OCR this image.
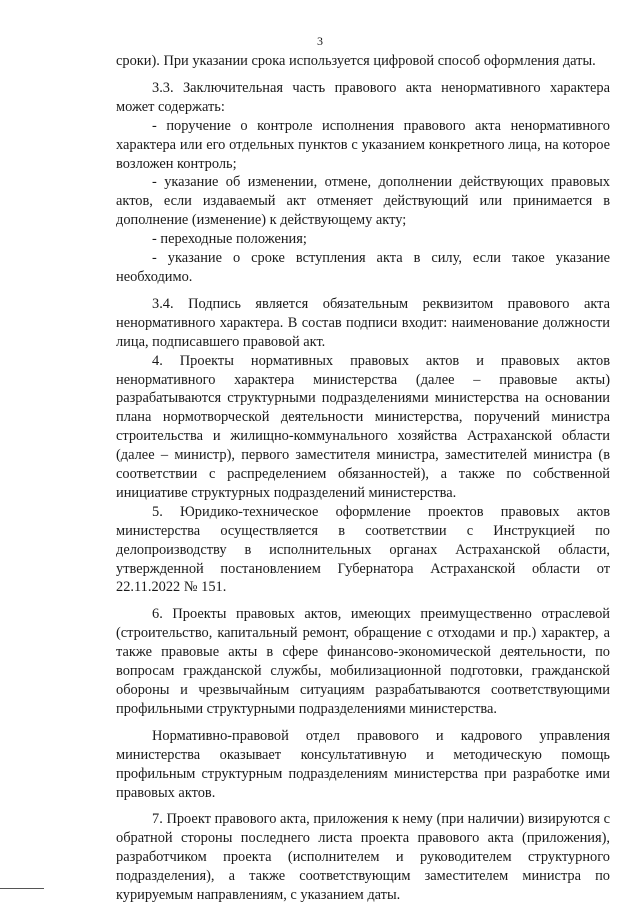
3

сроки). При указании срока используется цифровой способ оформления даты.

3.3. Заключительная часть правового акта ненормативного характера может содержать:

- поручение о контроле исполнения правового акта ненормативного характера или его отдельных пунктов с указанием конкретного лица, на которое возложен контроль;

- указание об изменении, отмене, дополнении действующих правовых актов, если издаваемый акт отменяет действующий или принимается в дополнение (изменение) к действующему акту;

- переходные положения;

- указание о сроке вступления акта в силу, если такое указание необходимо.

3.4. Подпись является обязательным реквизитом правового акта ненормативного характера. В состав подписи входит: наименование должности лица, подписавшего правовой акт.

4. Проекты нормативных правовых актов и правовых актов ненормативного характера министерства (далее – правовые акты) разрабатываются структурными подразделениями министерства на основании плана нормотворческой деятельности министерства, поручений министра строительства и жилищно-коммунального хозяйства Астраханской области (далее – министр), первого заместителя министра, заместителей министра (в соответствии с распределением обязанностей), а также по собственной инициативе структурных подразделений министерства.

5. Юридико-техническое оформление проектов правовых актов министерства осуществляется в соответствии с Инструкцией по делопроизводству в исполнительных органах Астраханской области, утвержденной постановлением Губернатора Астраханской области от 22.11.2022 № 151.

6. Проекты правовых актов, имеющих преимущественно отраслевой (строительство, капитальный ремонт, обращение с отходами и пр.) характер, а также правовые акты в сфере финансово-экономической деятельности, по вопросам гражданской службы, мобилизационной подготовки, гражданской обороны и чрезвычайным ситуациям разрабатываются соответствующими профильными структурными подразделениями министерства.

Нормативно-правовой отдел правового и кадрового управления министерства оказывает консультативную и методическую помощь профильным структурным подразделениям министерства при разработке ими правовых актов.

7. Проект правового акта, приложения к нему (при наличии) визируются с обратной стороны последнего листа проекта правового акта (приложения), разработчиком проекта (исполнителем и руководителем структурного подразделения), а также соответствующим заместителем министра по курируемым направлениям, с указанием даты.
